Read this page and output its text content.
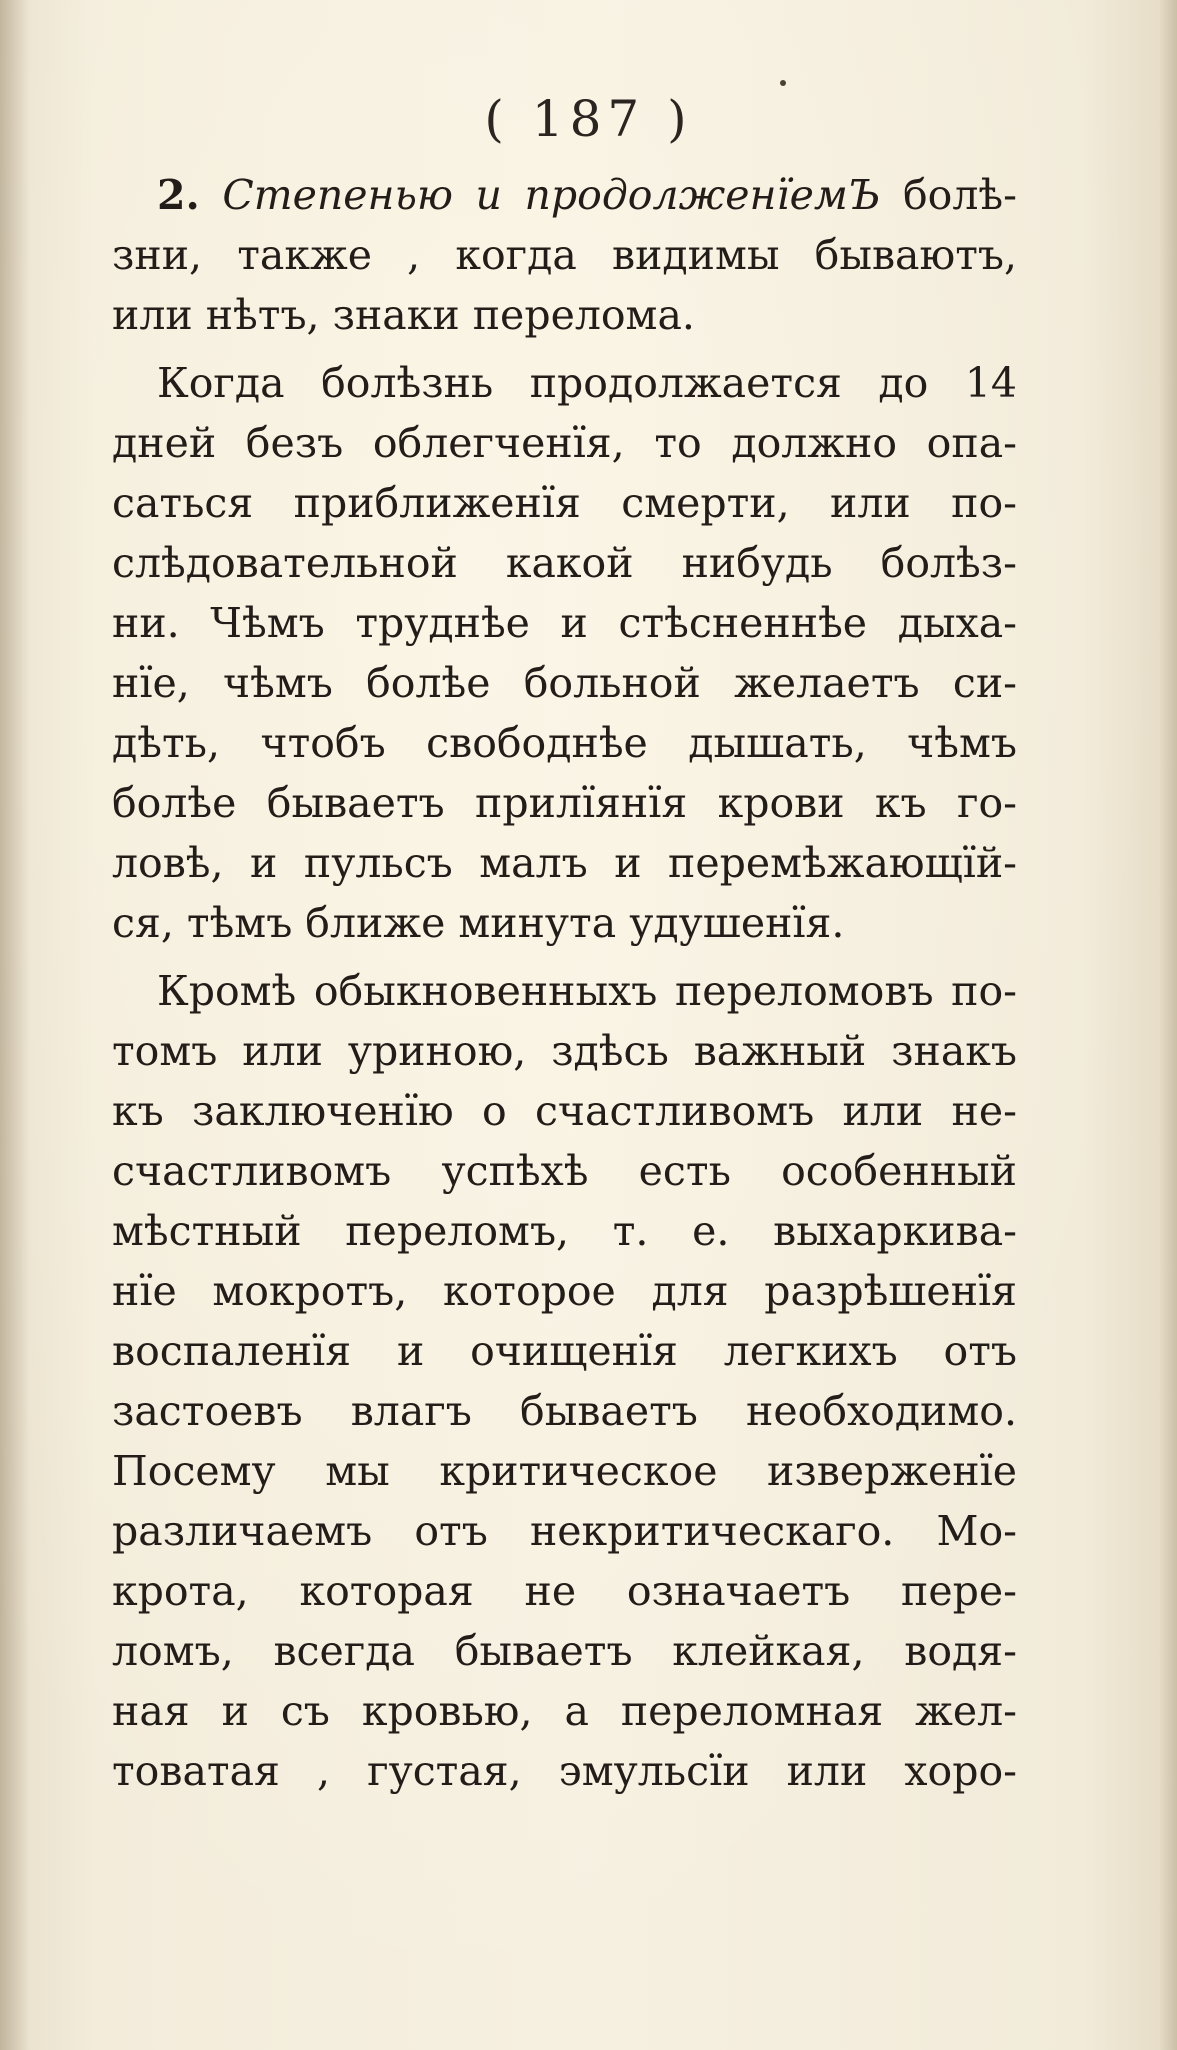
( 187 )
2. Степенью и продолженїемЪ болѣ-
зни, также , когда видимы бываютъ,
или нѣтъ, знаки перелома.
Когда болѣзнь продолжается до 14
дней безъ облегченїя, то должно опа-
саться приближенїя смерти, или по-
слѣдовательной какой нибудь болѣз-
ни. Чѣмъ труднѣе и стѣсненнѣе дыха-
нїе, чѣмъ болѣе больной желаетъ си-
дѣть, чтобъ свободнѣе дышать, чѣмъ
болѣе бываетъ прилїянїя крови къ го-
ловѣ, и пульсъ малъ и перемѣжающїй-
ся, тѣмъ ближе минута удушенїя.
Кромѣ обыкновенныхъ переломовъ по-
томъ или уриною, здѣсь важный знакъ
къ заключенїю о счастливомъ или не-
счастливомъ успѣхѣ есть особенный
мѣстный переломъ, т. е. выхаркива-
нїе мокротъ, которое для разрѣшенїя
воспаленїя и очищенїя легкихъ отъ
застоевъ влагъ бываетъ необходимо.
Посему мы критическое изверженїе
различаемъ отъ некритическаго. Мо-
крота, которая не означаетъ пере-
ломъ, всегда бываетъ клейкая, водя-
ная и съ кровью, а переломная жел-
товатая , густая, эмульсїи или хоро-
